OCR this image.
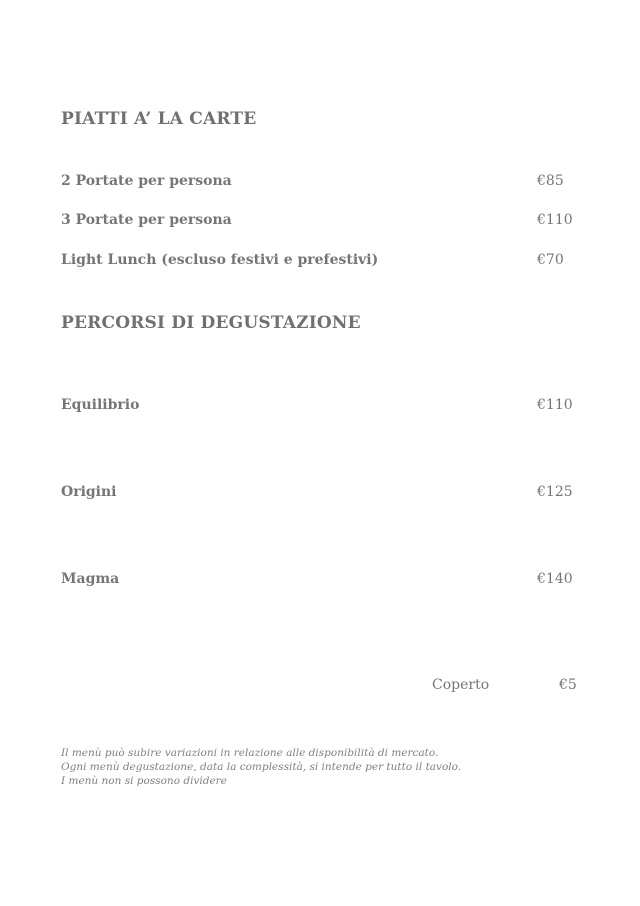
PIATTI A’ LA CARTE
2 Portate per persona	€85
3 Portate per persona	€110
Light Lunch (escluso festivi e prefestivi)	€70
PERCORSI DI DEGUSTAZIONE
Equilibrio	€110
Origini	€125
Magma	€140
Coperto	€5
Il menù può subire variazioni in relazione alle disponibilità di mercato.
Ogni menù degustazione, data la complessità, si intende per tutto il tavolo.
I menù non si possono dividere
